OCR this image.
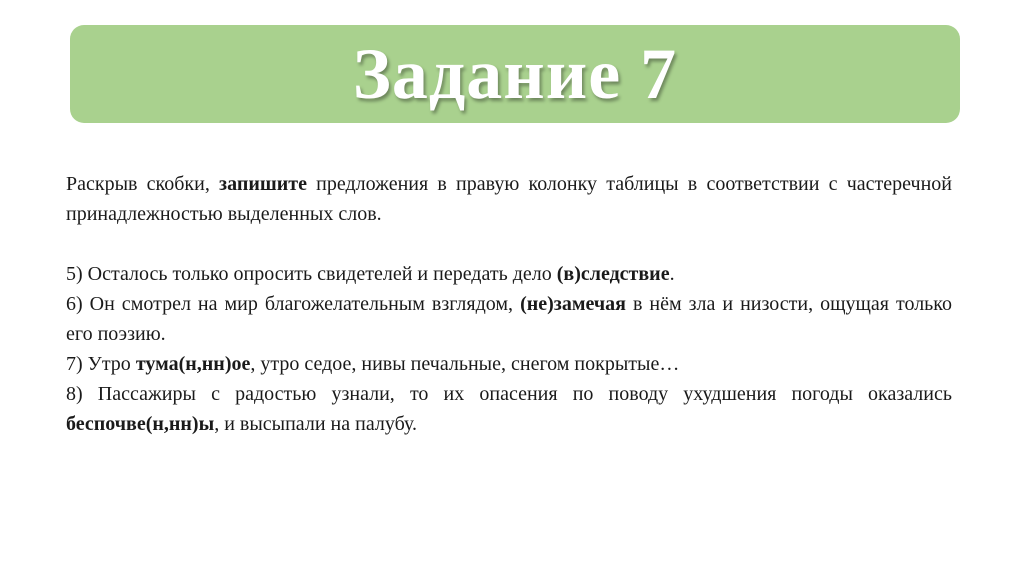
Задание 7

Раскрыв скобки, запишите предложения в правую колонку таблицы в соответствии с частеречной принадлежностью выделенных слов.

5) Осталось только опросить свидетелей и передать дело (в)следствие.

6) Он смотрел на мир благожелательным взглядом, (не)замечая в нём зла и низости, ощущая только его поэзию.

7) Утро тума(н,нн)ое, утро седое, нивы печальные, снегом покрытые…

8) Пассажиры с радостью узнали, то их опасения по поводу ухудшения погоды оказались беспочве(н,нн)ы, и высыпали на палубу.
